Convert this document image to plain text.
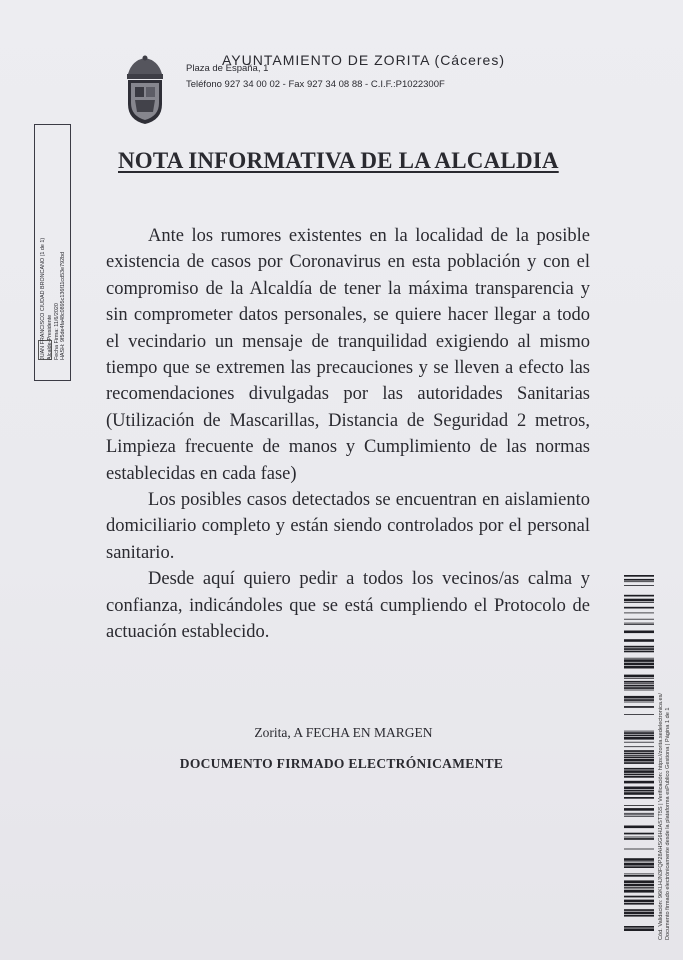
AYUNTAMIENTO DE ZORITA (Cáceres)
Plaza de España, 1
Teléfono 927 34 00 02 - Fax 927 34 08 88 - C.I.F.:P1022300F
NOTA INFORMATIVA DE LA ALCALDIA

Ante los rumores existentes en la localidad de la posible existencia de casos por Coronavirus en esta población y con el compromiso de la Alcaldía de tener la máxima transparencia y sin comprometer datos personales, se quiere hacer llegar a todo el vecindario un mensaje de tranquilidad exigiendo al mismo tiempo que se extremen las precauciones y se lleven a efecto las recomendaciones divulgadas por las autoridades Sanitarias (Utilización de Mascarillas, Distancia de Seguridad 2 metros, Limpieza frecuente de manos y Cumplimiento de las normas establecidas en cada fase)

Los posibles casos detectados se encuentran en aislamiento domiciliario completo y están siendo controlados por el personal sanitario.

Desde aquí quiero pedir a todos los vecinos/as calma y confianza, indicándoles que se está cumpliendo el Protocolo de actuación establecido.

Zorita, A FECHA EN MARGEN
DOCUMENTO FIRMADO ELECTRÓNICAMENTE
JUAN FRANCISCO CIUDAD BRONCANO (1 de 1) Alcalde-Presidente Fecha Firma: 11/6/2020 HASH: 9f5de4fa48c0895c136f11cd53e792bd
Cód. Validación: 96KLHJN3FQP28AHSG6HJASTT5S | Verificación: https://zorita.sedelectronica.es/ Documento firmado electrónicamente desde la plataforma esPublico Gestiona | Página 1 de 1
